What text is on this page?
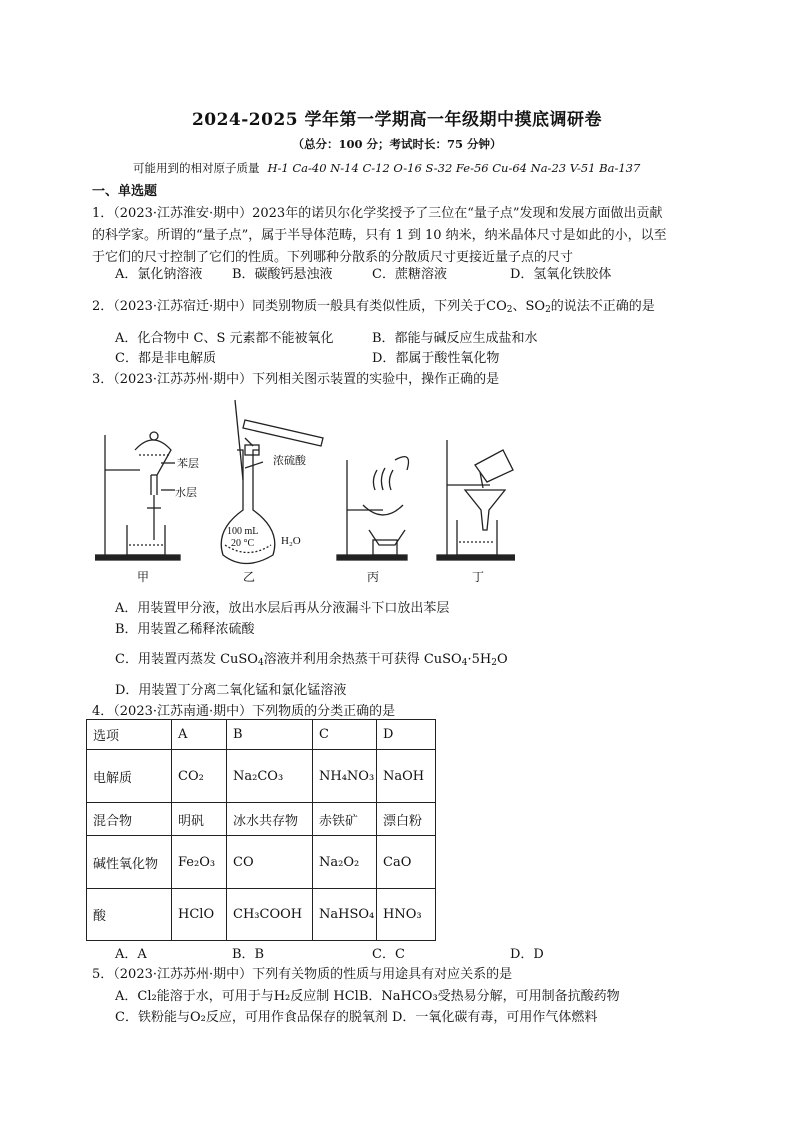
2024-2025 学年第一学期高一年级期中摸底调研卷
（总分：100 分；考试时长：75 分钟）
可能用到的相对原子质量 H-1 Ca-40 N-14 C-12 O-16 S-32 Fe-56 Cu-64 Na-23 V-51 Ba-137
一、单选题
1．（2023·江苏淮安·期中）2023年的诺贝尔化学奖授予了三位在“量子点”发现和发展方面做出贡献
的科学家。所谓的“量子点”，属于半导体范畴，只有 1 到 10 纳米，纳米晶体尺寸是如此的小，以至
于它们的尺寸控制了它们的性质。下列哪种分散系的分散质尺寸更接近量子点的尺寸
A．氯化钠溶液 B．碳酸钙悬浊液	C．蔗糖溶液	D．氢氧化铁胶体
2．（2023·江苏宿迁·期中）同类别物质一般具有类似性质，下列关于$CO_2$、$SO_2$的说法不正确的是
A．化合物中 C、S 元素都不能被氧化	B．都能与碱反应生成盐和水
C．都是非电解质	D．都属于酸性氧化物
3．（2023·江苏苏州·期中）下列相关图示装置的实验中，操作正确的是
苯层
水层
浓硫酸
100 mL
20 °C H₂O
甲	乙	丙	丁
A．用装置甲分液，放出水层后再从分液漏斗下口放出苯层
B．用装置乙稀释浓硫酸
C．用装置丙蒸发 CuSO$_4$溶液并利用余热蒸干可获得 $CuSO_4\cdot 5H_2O$
D．用装置丁分离二氧化锰和氯化锰溶液
4．（2023·江苏南通·期中）下列物质的分类正确的是
选项	A	B	C	D
电解质	CO₂	Na₂CO₃	NH₄NO₃	NaOH
混合物	明矾	冰水共存物	赤铁矿	漂白粉
碱性氧化物	Fe₂O₃	CO	Na₂O₂	CaO
酸	HClO	CH₃COOH	NaHSO₄	HNO₃
A．A	B．B	C．C	D．D
5．（2023·江苏苏州·期中）下列有关物质的性质与用途具有对应关系的是
A．Cl₂能溶于水，可用于与H₂反应制 HClB．NaHCO₃受热易分解，可用制备抗酸药物
C．铁粉能与O₂反应，可用作食品保存的脱氧剂 D．一氧化碳有毒，可用作气体燃料
